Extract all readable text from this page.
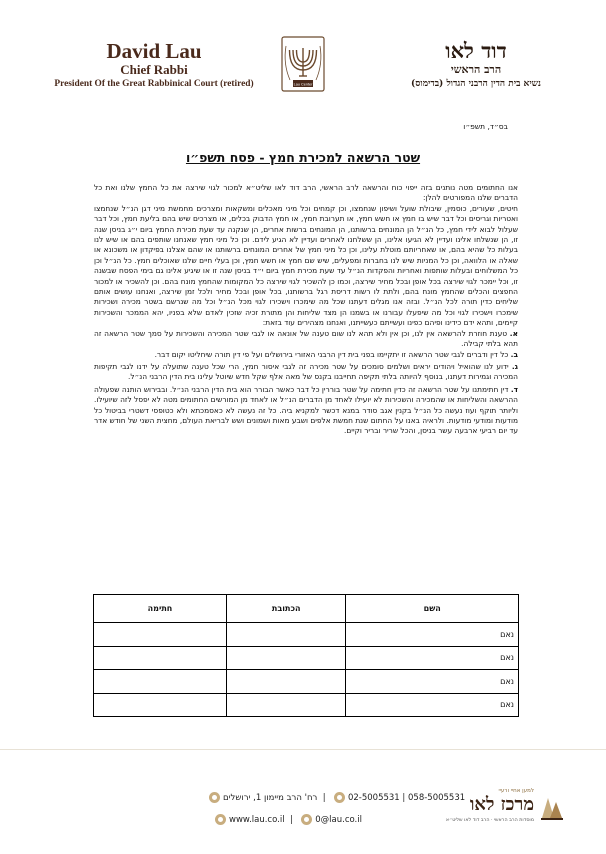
David Lau
Chief Rabbi
President Of the Great Rabbinical Court (retired)	Lau Center
דוד לאו
הרב הראשי
נשיא בית הדין הרבני הגדול (בדימוס)
בס״ד, תשפ״ו
שטר הרשאה למכירת חמץ - פסח תשפ״ו

אנו החתומים מטה נותנים בזה ייפוי כוח והרשאה לרב הראשי, הרב דוד לאו שליט״א למכור לגוי שירצה את כל החמץ שלנו ואת כל הדברים שלנו המפורטים להלן:

חיטים, שעורים, כוסמין, שיבולת שועל ושיפון שנחמצו, וכן קמחים וכל מיני מאכלים ומשקאות ומצרכים מחמשת מיני דגן הנ״ל שנחמצו ואטריות וגריסים וכל דבר שיש בו חמץ או חשש חמץ, או תערובת חמץ, או חמץ הדבוק בכלים, או מצרכים שיש בהם בליעת חמץ, וכל דבר שעלול לבוא לידי חמץ, כל הנ״ל הן המונחים ברשותנו, הן המונחים ברשות אחרים, הן שנקנה עד שעת מכירת החמץ ביום י״ג בניסן שנה זו, הן שנשלחו אלינו ועדיין לא הגיעו אלינו, הן ששלחנו לאחרים ועדיין לא הגיע לידם. וכן כל מיני חמץ שאנחנו שותפים בהם או שיש לנו בעלות כל שהיא בהם, או שאחריותם מוטלת עלינו, וכן כל מיני חמץ של אחרים המונחים ברשותנו או שהם אצלנו בפיקדון או משכונא או שאלה או הלוואה, וכן כל המניות שיש לנו בחברות ומפעלים, שיש שם חמץ או חשש חמץ, וכן בעלי חיים שלנו שאוכלים חמץ. כל הנ״ל וכן כל המשלוחים ובעלות שותפות ואחריות והפקדות הנ״ל עד שעת מכירת חמץ ביום י״ד בניסן שנה זו או שיגיע אלינו גם בימי הפסח שבשנה זו, וכל יימכר לגוי שירצה בכל אופן ובכל מחיר שירצה, וכמו כן להשכיר לגוי שירצה כל המקומות שהחמץ מונח בהם. וכן להשכיר או למכור החפצים והכלים שהחמץ מונח בהם, ולתת לו רשות דריסת רגל ברשותנו, בכל אופן ובכל מחיר ולכל זמן שירצה, ואנחנו עושים אותם שליחים כדין תורה לכל הנ״ל. ובזה אנו מגלים דעתנו שכל מה שימכרו וישכירו לגוי מכל הנ״ל וכל מה שנרשם בשטר מכירה ושכירות שימכרו וישכירו לגוי וכל מה שיפעלו עבורנו או בשמנו הן מצד שליחות והן מתורת זכיה שזכין לאדם שלא בפניו, יהא הממכר והשכירות קיימים, ותהא ידם כידינו ופיהם כפינו ועשייתם כעשייתנו, ואנחנו מצהירים עוד בזאת:

א. טענת חוזרת להרשאה אין לנו, וכן אין ולא תהא לנו שום טענה של אונאה או לגבי שטר המכירה והשכירות על סמך שטר הרשאה זה תהא בלתי קבילה.

ב. כל דין ודברים לגבי שטר הרשאה זו יתקיימו בפני בית דין הרבני האזורי בירושלים ועל פי דין תורה שיחליטו יקום דבר.

ג. ידוע לנו שהואיל ויהודים יראים ושלמים סומכים על שטר מכירה זה לגבי איסור חמץ, הרי שכל טענה שתועלה על ידנו לגבי תקיפות המכירה וגמירות דעתנו, בנוסף להיותה בלתי תקיפה תחייבנו בקנס של מאה אלף שקל חדש שיוטל עלינו בית הדין הרבני הנ״ל.

ד. דין חתימתנו על שטר הרשאה זה כדין חתימה על שטר בוררין כל דבר כאשר הבורר הוא בית הדין הרבני הנ״ל. ובבירוש הותנה שפעולה ההרשאה והשליחות או שהמכירה והשכירות לא יועילו לאחד מן הדברים הנ״ל או לאחד מן המורשים החתומים מטה לא יפסל לזה שיועילו.

וליותר תוקף ועוז נעשה כל הנ״ל בקנין אגב סודר במנא דכשר למקניא ביה. כל זה נעשה לא כאסמכתא ולא כטופסי דשטרי בביטול כל מודעות ומודעי מודעות. ולראיה באנו על החתום שנת חמשת אלפים ושבע מאות ושמונים ושש לבריאת העולם, מחצית השני של חודש אדר עד יום רביעי ארבעה עשר בניסן, והכל שריר ובריר וקיים.

השם	הכתובת	חתימה
נאם		
נאם		
נאם		
נאם		
058-5005531 | 02-5005531  |  רח' הרב מיימון 1, ירושלים
www.lau.co.il  |  0@lau.co.il
למען אחיי ורעיי
מרכז לאו
מוסדות הרב הראשי · הרב דוד לאו שליט״א
